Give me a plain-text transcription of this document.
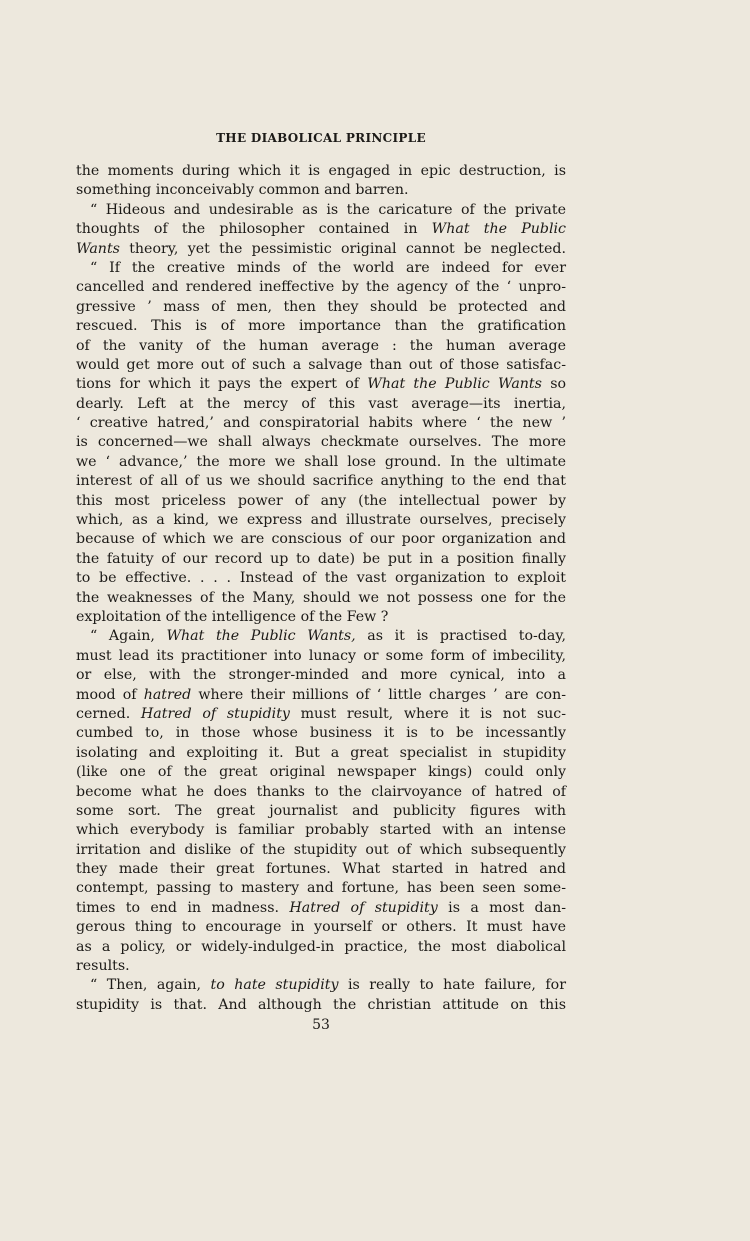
THE DIABOLICAL PRINCIPLE
the moments during which it is engaged in epic destruction, is
something inconceivably common and barren.
“ Hideous and undesirable as is the caricature of the private
thoughts of the philosopher contained in What the Public
Wants theory, yet the pessimistic original cannot be neglected.
“ If the creative minds of the world are indeed for ever
cancelled and rendered ineffective by the agency of the ‘ unpro-
gressive ’ mass of men, then they should be protected and
rescued. This is of more importance than the gratification
of the vanity of the human average : the human average
would get more out of such a salvage than out of those satisfac-
tions for which it pays the expert of What the Public Wants so
dearly. Left at the mercy of this vast average—its inertia,
‘ creative hatred,’ and conspiratorial habits where ‘ the new ’
is concerned—we shall always checkmate ourselves. The more
we ‘ advance,’ the more we shall lose ground. In the ultimate
interest of all of us we should sacrifice anything to the end that
this most priceless power of any (the intellectual power by
which, as a kind, we express and illustrate ourselves, precisely
because of which we are conscious of our poor organization and
the fatuity of our record up to date) be put in a position finally
to be effective. . . . Instead of the vast organization to exploit
the weaknesses of the Many, should we not possess one for the
exploitation of the intelligence of the Few ?
“ Again, What the Public Wants, as it is practised to-day,
must lead its practitioner into lunacy or some form of imbecility,
or else, with the stronger-minded and more cynical, into a
mood of hatred where their millions of ‘ little charges ’ are con-
cerned. Hatred of stupidity must result, where it is not suc-
cumbed to, in those whose business it is to be incessantly
isolating and exploiting it. But a great specialist in stupidity
(like one of the great original newspaper kings) could only
become what he does thanks to the clairvoyance of hatred of
some sort. The great journalist and publicity figures with
which everybody is familiar probably started with an intense
irritation and dislike of the stupidity out of which subsequently
they made their great fortunes. What started in hatred and
contempt, passing to mastery and fortune, has been seen some-
times to end in madness. Hatred of stupidity is a most dan-
gerous thing to encourage in yourself or others. It must have
as a policy, or widely-indulged-in practice, the most diabolical
results.
“ Then, again, to hate stupidity is really to hate failure, for
stupidity is that. And although the christian attitude on this
53
